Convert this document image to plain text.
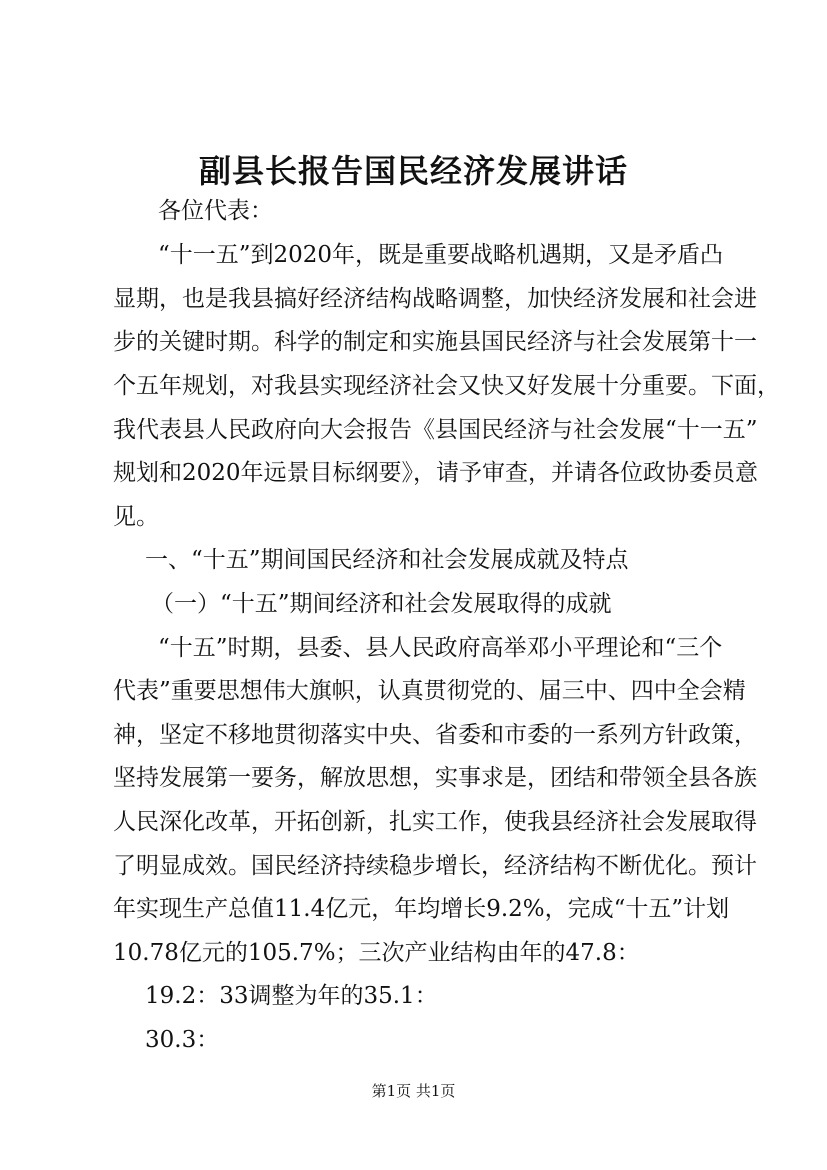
副县长报告国民经济发展讲话
各位代表：
“十一五”到2020年，既是重要战略机遇期，又是矛盾凸
显期，也是我县搞好经济结构战略调整，加快经济发展和社会进
步的关键时期。科学的制定和实施县国民经济与社会发展第十一
个五年规划，对我县实现经济社会又快又好发展十分重要。下面，
我代表县人民政府向大会报告《县国民经济与社会发展“十一五”
规划和2020年远景目标纲要》，请予审查，并请各位政协委员意
见。
一、“十五”期间国民经济和社会发展成就及特点
（一）“十五”期间经济和社会发展取得的成就
“十五”时期，县委、县人民政府高举邓小平理论和“三个
代表”重要思想伟大旗帜，认真贯彻党的、届三中、四中全会精
神，坚定不移地贯彻落实中央、省委和市委的一系列方针政策，
坚持发展第一要务，解放思想，实事求是，团结和带领全县各族
人民深化改革，开拓创新，扎实工作，使我县经济社会发展取得
了明显成效。国民经济持续稳步增长，经济结构不断优化。预计
年实现生产总值11.4亿元，年均增长9.2%，完成“十五”计划
10.78亿元的105.7%；三次产业结构由年的47.8：
19.2：33调整为年的35.1：
30.3：
第1页 共1页
